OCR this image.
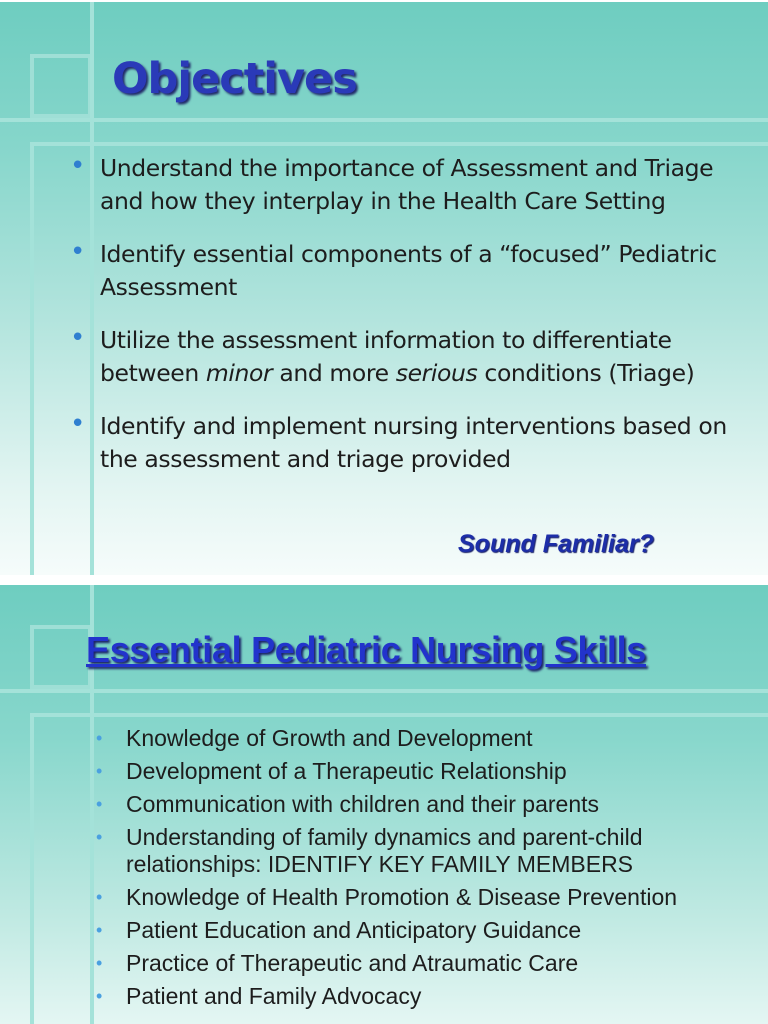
Objectives
• Understand the importance of Assessment and Triage and how they interplay in the Health Care Setting
• Identify essential components of a “focused” Pediatric Assessment
• Utilize the assessment information to differentiate between minor and more serious conditions (Triage)
• Identify and implement nursing interventions based on the assessment and triage provided
Sound Familiar?
Essential Pediatric Nursing Skills
• Knowledge of Growth and Development
• Development of a Therapeutic Relationship
• Communication with children and their parents
• Understanding of family dynamics and parent-child relationships: IDENTIFY KEY FAMILY MEMBERS
• Knowledge of Health Promotion & Disease Prevention
• Patient Education and Anticipatory Guidance
• Practice of Therapeutic and Atraumatic Care
• Patient and Family Advocacy
